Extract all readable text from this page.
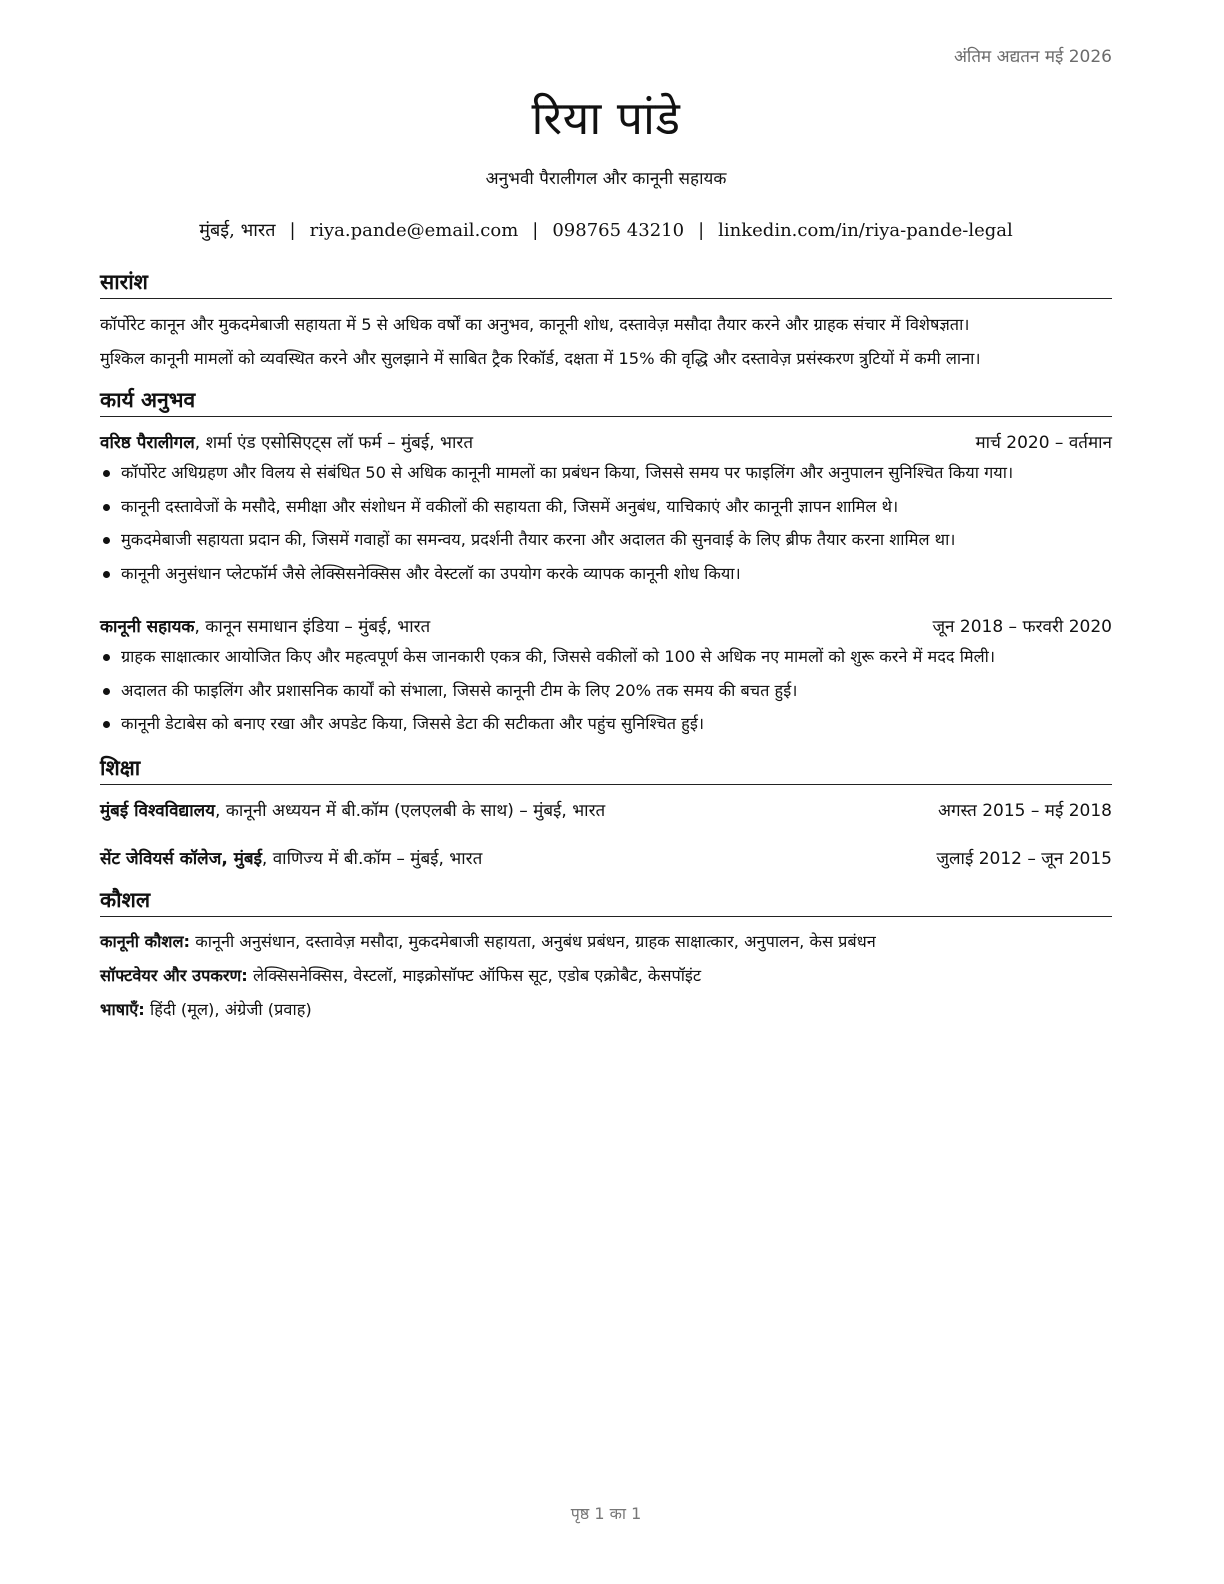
अंतिम अद्यतन मई 2026
रिया पांडे
अनुभवी पैरालीगल और कानूनी सहायक
मुंबई, भारत | riya.pande@email.com | 098765 43210 | linkedin.com/in/riya-pande-legal
सारांश
कॉर्पोरेट कानून और मुकदमेबाजी सहायता में 5 से अधिक वर्षों का अनुभव, कानूनी शोध, दस्तावेज़ मसौदा तैयार करने और ग्राहक संचार में विशेषज्ञता।
मुश्किल कानूनी मामलों को व्यवस्थित करने और सुलझाने में साबित ट्रैक रिकॉर्ड, दक्षता में 15% की वृद्धि और दस्तावेज़ प्रसंस्करण त्रुटियों में कमी लाना।
कार्य अनुभव
वरिष्ठ पैरालीगल, शर्मा एंड एसोसिएट्स लॉ फर्म – मुंबई, भारत	मार्च 2020 – वर्तमान
कॉर्पोरेट अधिग्रहण और विलय से संबंधित 50 से अधिक कानूनी मामलों का प्रबंधन किया, जिससे समय पर फाइलिंग और अनुपालन सुनिश्चित किया गया।
कानूनी दस्तावेजों के मसौदे, समीक्षा और संशोधन में वकीलों की सहायता की, जिसमें अनुबंध, याचिकाएं और कानूनी ज्ञापन शामिल थे।
मुकदमेबाजी सहायता प्रदान की, जिसमें गवाहों का समन्वय, प्रदर्शनी तैयार करना और अदालत की सुनवाई के लिए ब्रीफ तैयार करना शामिल था।
कानूनी अनुसंधान प्लेटफॉर्म जैसे लेक्सिसनेक्सिस और वेस्टलॉ का उपयोग करके व्यापक कानूनी शोध किया।
कानूनी सहायक, कानून समाधान इंडिया – मुंबई, भारत	जून 2018 – फरवरी 2020
ग्राहक साक्षात्कार आयोजित किए और महत्वपूर्ण केस जानकारी एकत्र की, जिससे वकीलों को 100 से अधिक नए मामलों को शुरू करने में मदद मिली।
अदालत की फाइलिंग और प्रशासनिक कार्यों को संभाला, जिससे कानूनी टीम के लिए 20% तक समय की बचत हुई।
कानूनी डेटाबेस को बनाए रखा और अपडेट किया, जिससे डेटा की सटीकता और पहुंच सुनिश्चित हुई।
शिक्षा
मुंबई विश्वविद्यालय, कानूनी अध्ययन में बी.कॉम (एलएलबी के साथ) – मुंबई, भारत	अगस्त 2015 – मई 2018
सेंट जेवियर्स कॉलेज, मुंबई, वाणिज्य में बी.कॉम – मुंबई, भारत	जुलाई 2012 – जून 2015
कौशल
कानूनी कौशल: कानूनी अनुसंधान, दस्तावेज़ मसौदा, मुकदमेबाजी सहायता, अनुबंध प्रबंधन, ग्राहक साक्षात्कार, अनुपालन, केस प्रबंधन
सॉफ्टवेयर और उपकरण: लेक्सिसनेक्सिस, वेस्टलॉ, माइक्रोसॉफ्ट ऑफिस सूट, एडोब एक्रोबैट, केसपॉइंट
भाषाएँ: हिंदी (मूल), अंग्रेजी (प्रवाह)
पृष्ठ 1 का 1
